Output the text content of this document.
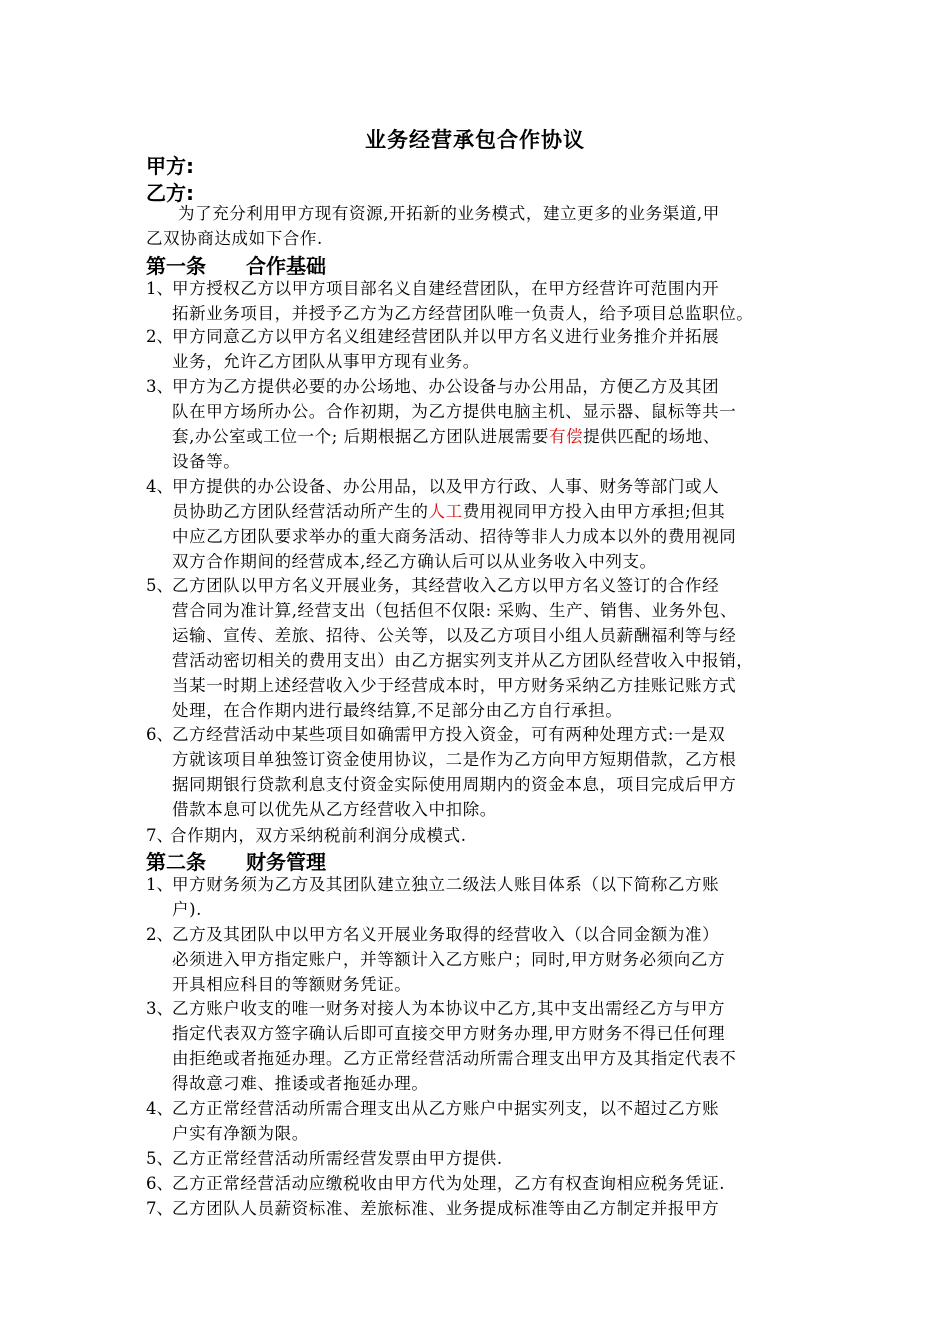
业务经营承包合作协议
甲方:
乙方:
为了充分利用甲方现有资源,开拓新的业务模式，建立更多的业务渠道,甲
乙双协商达成如下合作.
第一条 合作基础
1、 甲方授权乙方以甲方项目部名义自建经营团队，在甲方经营许可范围内开
拓新业务项目，并授予乙方为乙方经营团队唯一负责人，给予项目总监职位。
2、 甲方同意乙方以甲方名义组建经营团队并以甲方名义进行业务推介并拓展
业务，允许乙方团队从事甲方现有业务。
3、 甲方为乙方提供必要的办公场地、办公设备与办公用品，方便乙方及其团
队在甲方场所办公。合作初期，为乙方提供电脑主机、显示器、鼠标等共一
套,办公室或工位一个; 后期根据乙方团队进展需要有偿提供匹配的场地、
设备等。
4、 甲方提供的办公设备、办公用品，以及甲方行政、人事、财务等部门或人
员协助乙方团队经营活动所产生的人工费用视同甲方投入由甲方承担;但其
中应乙方团队要求举办的重大商务活动、招待等非人力成本以外的费用视同
双方合作期间的经营成本,经乙方确认后可以从业务收入中列支。
5、 乙方团队以甲方名义开展业务，其经营收入乙方以甲方名义签订的合作经
营合同为准计算,经营支出（包括但不仅限: 采购、生产、销售、业务外包、
运输、宣传、差旅、招待、公关等，以及乙方项目小组人员薪酬福利等与经
营活动密切相关的费用支出）由乙方据实列支并从乙方团队经营收入中报销，
当某一时期上述经营收入少于经营成本时，甲方财务采纳乙方挂账记账方式
处理，在合作期内进行最终结算,不足部分由乙方自行承担。
6、 乙方经营活动中某些项目如确需甲方投入资金，可有两种处理方式:一是双
方就该项目单独签订资金使用协议，二是作为乙方向甲方短期借款，乙方根
据同期银行贷款利息支付资金实际使用周期内的资金本息，项目完成后甲方
借款本息可以优先从乙方经营收入中扣除。
7、
合作期内，双方采纳税前利润分成模式.
第二条 财务管理
1、 甲方财务须为乙方及其团队建立独立二级法人账目体系（以下简称乙方账
户).
2、 乙方及其团队中以甲方名义开展业务取得的经营收入（以合同金额为准）
必须进入甲方指定账户，并等额计入乙方账户；同时,甲方财务必须向乙方
开具相应科目的等额财务凭证。
3、 乙方账户收支的唯一财务对接人为本协议中乙方,其中支出需经乙方与甲方
指定代表双方签字确认后即可直接交甲方财务办理,甲方财务不得已任何理
由拒绝或者拖延办理。乙方正常经营活动所需合理支出甲方及其指定代表不
得故意刁难、推诿或者拖延办理。
4、 乙方正常经营活动所需合理支出从乙方账户中据实列支，以不超过乙方账
户实有净额为限。
5、 乙方正常经营活动所需经营发票由甲方提供.
6、 乙方正常经营活动应缴税收由甲方代为处理，乙方有权查询相应税务凭证.
7、 乙方团队人员薪资标准、差旅标准、业务提成标准等由乙方制定并报甲方
